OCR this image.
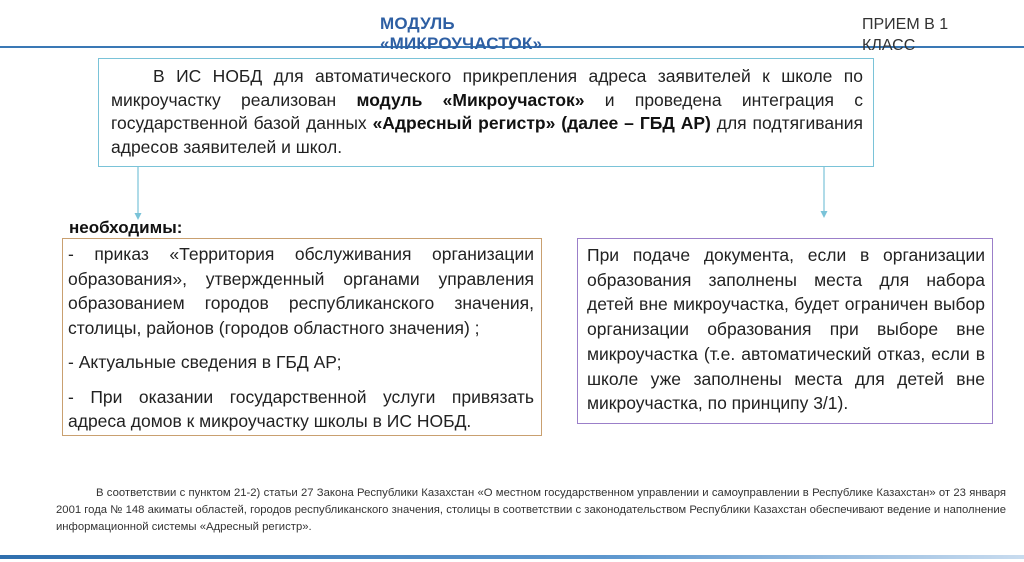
МОДУЛЬ
«МИКРОУЧАСТОК»
ПРИЕМ В 1
КЛАСС

В ИС НОБД для автоматического прикрепления адреса заявителей к школе по микроучастку реализован модуль «Микроучасток» и проведена интеграция с государственной базой данных «Адресный регистр» (далее – ГБД АР) для подтягивания адресов заявителей и школ.

- приказ «Территория обслуживания организации образования», утвержденный органами управления образованием городов республиканского значения, столицы, районов (городов областного значения) ;

- Актуальные сведения в ГБД АР;

- При оказании государственной услуги привязать адреса домов к микроучастку школы в ИС НОБД.

необходимы:
При подаче документа, если в организации образования заполнены места для набора детей вне микроучастка, будет ограничен выбор организации образования при выборе вне микроучастка (т.е. автоматический отказ, если в школе уже заполнены места для детей вне микроучастка, по принципу 3/1).

В соответствии с пунктом 21-2) статьи 27 Закона Республики Казахстан «О местном государственном управлении и самоуправлении в Республике Казахстан» от 23 января 2001 года № 148 акиматы областей, городов республиканского значения, столицы в соответствии с законодательством Республики Казахстан обеспечивают ведение и наполнение информационной системы «Адресный регистр».
